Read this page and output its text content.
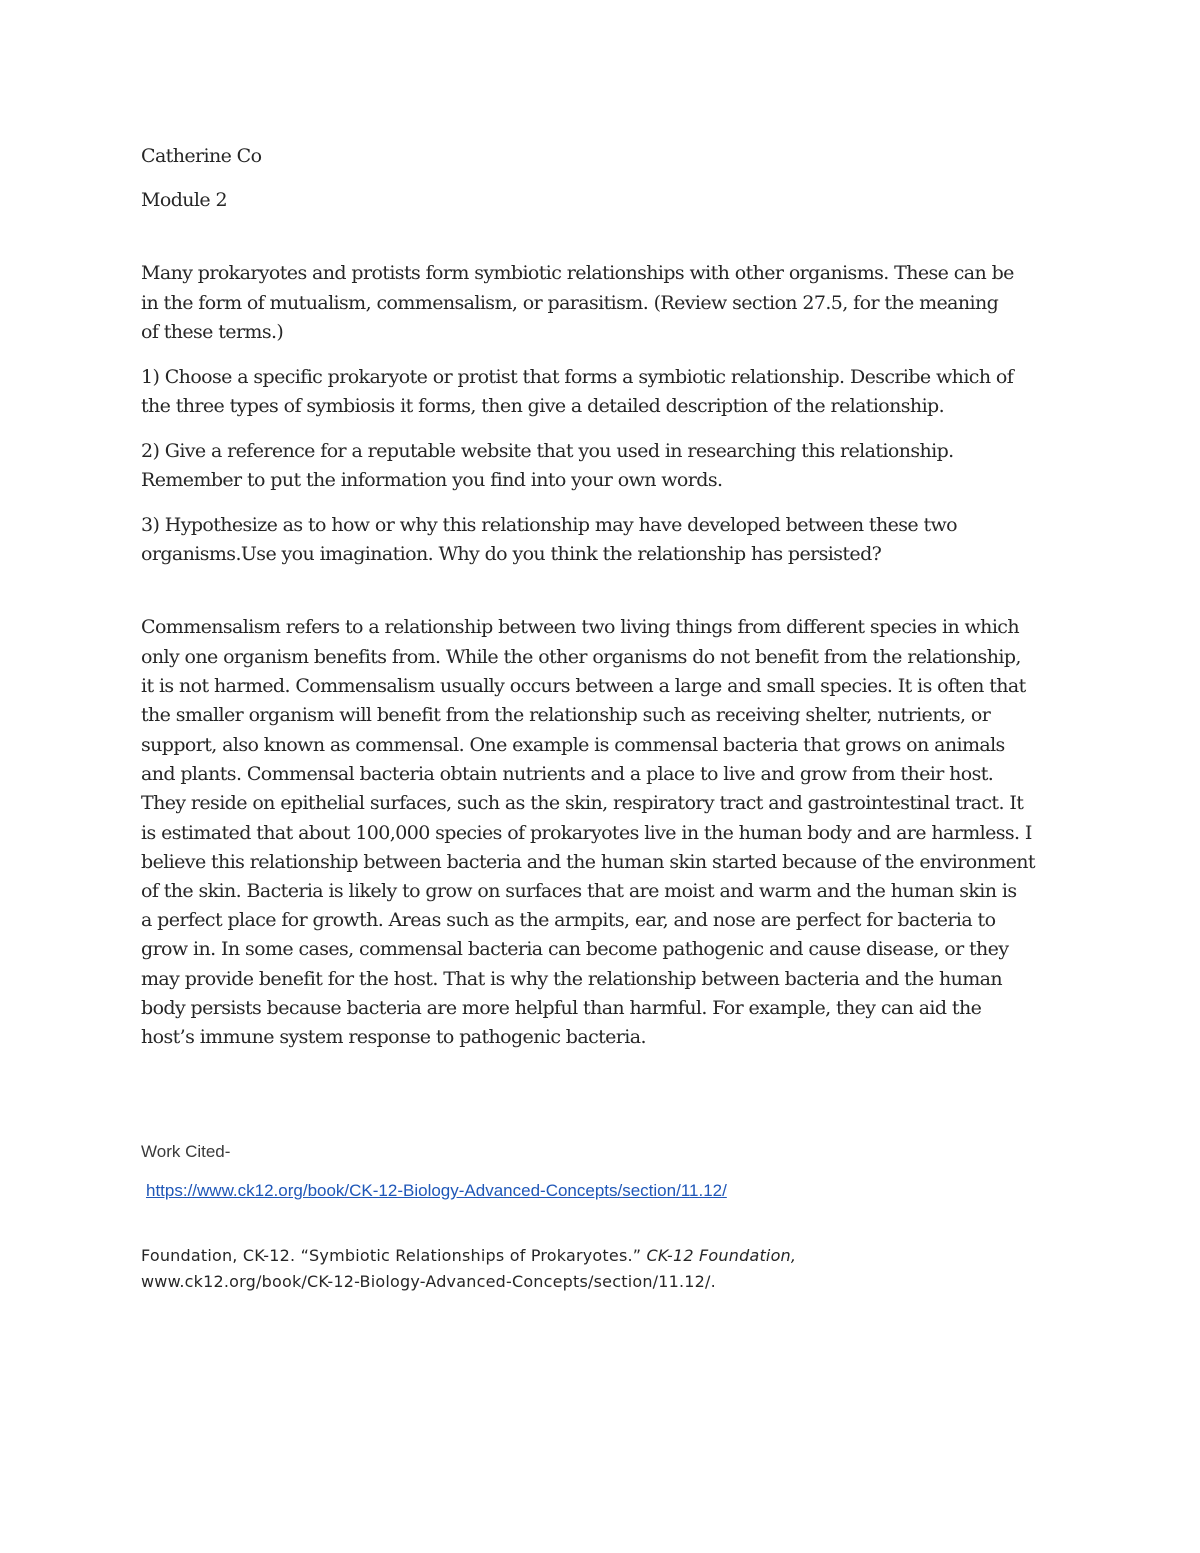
Catherine Co
Module 2
Many prokaryotes and protists form symbiotic relationships with other organisms. These can be
in the form of mutualism, commensalism, or parasitism. (Review section 27.5, for the meaning
of these terms.)
1) Choose a specific prokaryote or protist that forms a symbiotic relationship. Describe which of
the three types of symbiosis it forms, then give a detailed description of the relationship.
2) Give a reference for a reputable website that you used in researching this relationship.
Remember to put the information you find into your own words.
3) Hypothesize as to how or why this relationship may have developed between these two
organisms.Use you imagination. Why do you think the relationship has persisted?
Commensalism refers to a relationship between two living things from different species in which
only one organism benefits from. While the other organisms do not benefit from the relationship,
it is not harmed. Commensalism usually occurs between a large and small species. It is often that
the smaller organism will benefit from the relationship such as receiving shelter, nutrients, or
support, also known as commensal. One example is commensal bacteria that grows on animals
and plants. Commensal bacteria obtain nutrients and a place to live and grow from their host.
They reside on epithelial surfaces, such as the skin, respiratory tract and gastrointestinal tract. It
is estimated that about 100,000 species of prokaryotes live in the human body and are harmless. I
believe this relationship between bacteria and the human skin started because of the environment
of the skin. Bacteria is likely to grow on surfaces that are moist and warm and the human skin is
a perfect place for growth. Areas such as the armpits, ear, and nose are perfect for bacteria to
grow in. In some cases, commensal bacteria can become pathogenic and cause disease, or they
may provide benefit for the host. That is why the relationship between bacteria and the human
body persists because bacteria are more helpful than harmful. For example, they can aid the
host’s immune system response to pathogenic bacteria.
Work Cited-
https://www.ck12.org/book/CK-12-Biology-Advanced-Concepts/section/11.12/
Foundation, CK-12. “Symbiotic Relationships of Prokaryotes.” CK-12 Foundation,
www.ck12.org/book/CK-12-Biology-Advanced-Concepts/section/11.12/.
